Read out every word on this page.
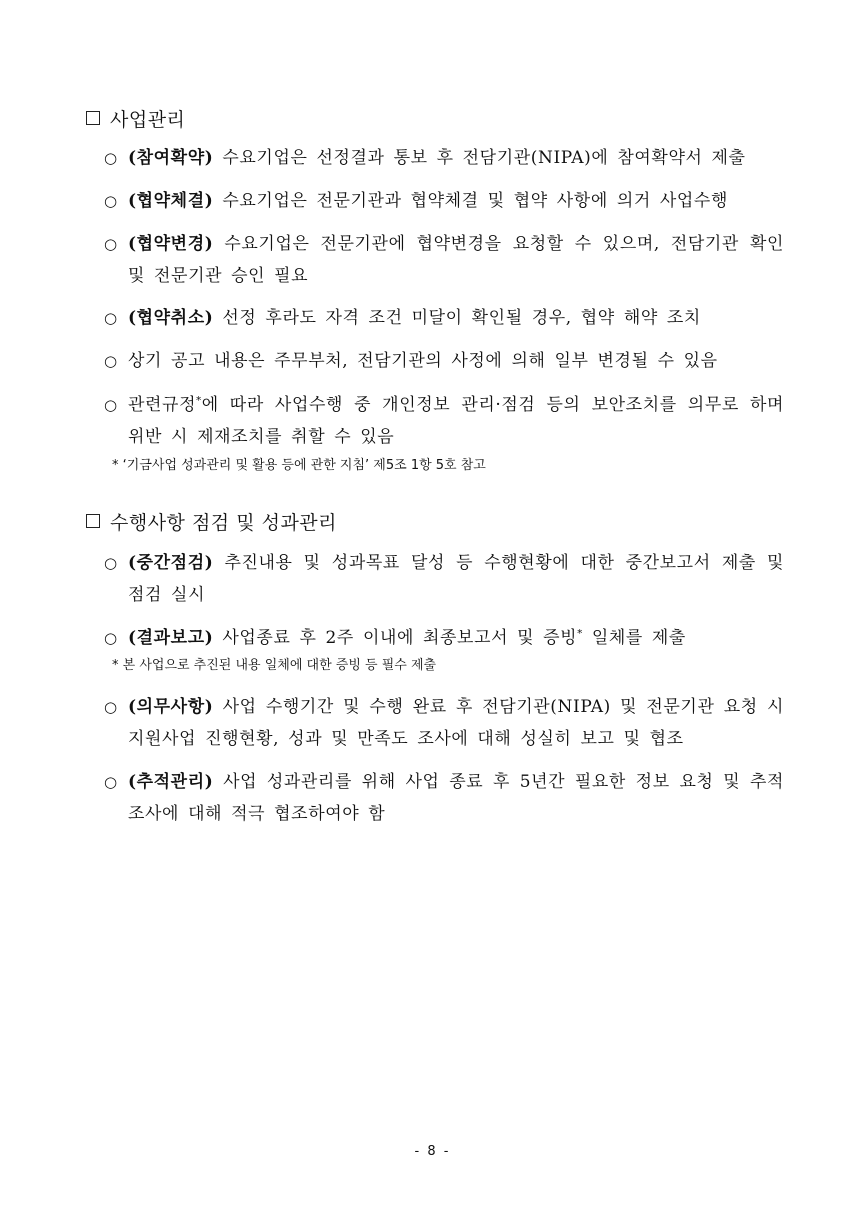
사업관리
○ (참여확약) 수요기업은 선정결과 통보 후 전담기관(NIPA)에 참여확약서 제출
○ (협약체결) 수요기업은 전문기관과 협약체결 및 협약 사항에 의거 사업수행
○ (협약변경) 수요기업은 전문기관에 협약변경을 요청할 수 있으며, 전담기관 확인 및 전문기관 승인 필요
○ (협약취소) 선정 후라도 자격 조건 미달이 확인될 경우, 협약 해약 조치
○ 상기 공고 내용은 주무부처, 전담기관의 사정에 의해 일부 변경될 수 있음
○ 관련규정*에 따라 사업수행 중 개인정보 관리·점검 등의 보안조치를 의무로 하며 위반 시 제재조치를 취할 수 있음
* ‘기금사업 성과관리 및 활용 등에 관한 지침’ 제5조 1항 5호 참고
수행사항 점검 및 성과관리
○ (중간점검) 추진내용 및 성과목표 달성 등 수행현황에 대한 중간보고서 제출 및 점검 실시
○ (결과보고) 사업종료 후 2주 이내에 최종보고서 및 증빙* 일체를 제출
* 본 사업으로 추진된 내용 일체에 대한 증빙 등 필수 제출
○ (의무사항) 사업 수행기간 및 수행 완료 후 전담기관(NIPA) 및 전문기관 요청 시 지원사업 진행현황, 성과 및 만족도 조사에 대해 성실히 보고 및 협조
○ (추적관리) 사업 성과관리를 위해 사업 종료 후 5년간 필요한 정보 요청 및 추적조사에 대해 적극 협조하여야 함
- 8 -
